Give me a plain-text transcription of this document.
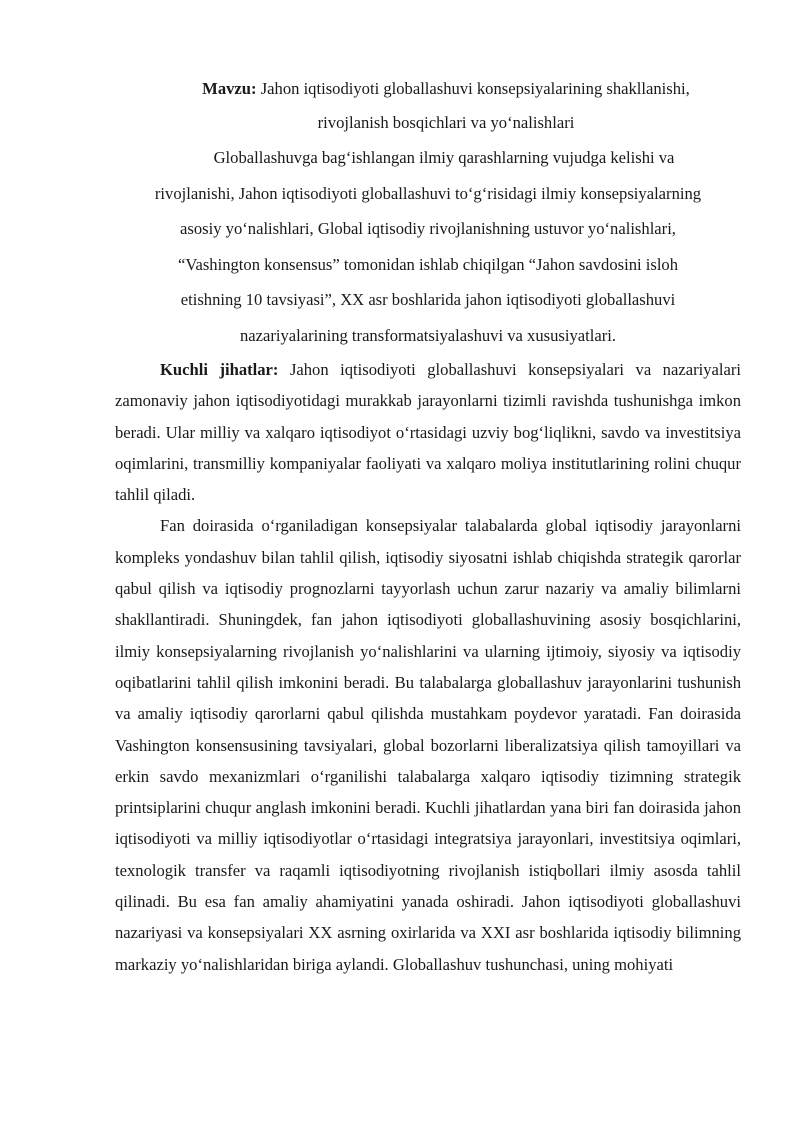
Mavzu: Jahon iqtisodiyoti globallashuvi konsepsiyalarining shakllanishi,
rivojlanish bosqichlari va yo‘nalishlari

Globallashuvga bag‘ishlangan ilmiy qarashlarning vujudga kelishi va
rivojlanishi, Jahon iqtisodiyoti globallashuvi to‘g‘risidagi ilmiy konsepsiyalarning
asosiy yo‘nalishlari, Global iqtisodiy rivojlanishning ustuvor yo‘nalishlari,
“Vashington konsensus” tomonidan ishlab chiqilgan “Jahon savdosini isloh
etishning 10 tavsiyasi”, XX asr boshlarida jahon iqtisodiyoti globallashuvi
nazariyalarining transformatsiyalashuvi va xususiyatlari.

Kuchli jihatlar: Jahon iqtisodiyoti globallashuvi konsepsiyalari va nazariyalari zamonaviy jahon iqtisodiyotidagi murakkab jarayonlarni tizimli ravishda tushunishga imkon beradi. Ular milliy va xalqaro iqtisodiyot o‘rtasidagi uzviy bog‘liqlikni, savdo va investitsiya oqimlarini, transmilliy kompaniyalar faoliyati va xalqaro moliya institutlarining rolini chuqur tahlil qiladi.

Fan doirasida o‘rganiladigan konsepsiyalar talabalarda global iqtisodiy jarayonlarni kompleks yondashuv bilan tahlil qilish, iqtisodiy siyosatni ishlab chiqishda strategik qarorlar qabul qilish va iqtisodiy prognozlarni tayyorlash uchun zarur nazariy va amaliy bilimlarni shakllantiradi. Shuningdek, fan jahon iqtisodiyoti globallashuvining asosiy bosqichlarini, ilmiy konsepsiyalarning rivojlanish yo‘nalishlarini va ularning ijtimoiy, siyosiy va iqtisodiy oqibatlarini tahlil qilish imkonini beradi. Bu talabalarga globallashuv jarayonlarini tushunish va amaliy iqtisodiy qarorlarni qabul qilishda mustahkam poydevor yaratadi. Fan doirasida Vashington konsensusining tavsiyalari, global bozorlarni liberalizatsiya qilish tamoyillari va erkin savdo mexanizmlari o‘rganilishi talabalarga xalqaro iqtisodiy tizimning strategik printsiplarini chuqur anglash imkonini beradi. Kuchli jihatlardan yana biri fan doirasida jahon iqtisodiyoti va milliy iqtisodiyotlar o‘rtasidagi integratsiya jarayonlari, investitsiya oqimlari, texnologik transfer va raqamli iqtisodiyotning rivojlanish istiqbollari ilmiy asosda tahlil qilinadi. Bu esa fan amaliy ahamiyatini yanada oshiradi. Jahon iqtisodiyoti globallashuvi nazariyasi va konsepsiyalari XX asrning oxirlarida va XXI asr boshlarida iqtisodiy bilimning markaziy yo‘nalishlaridan biriga aylandi. Globallashuv tushunchasi, uning mohiyati
